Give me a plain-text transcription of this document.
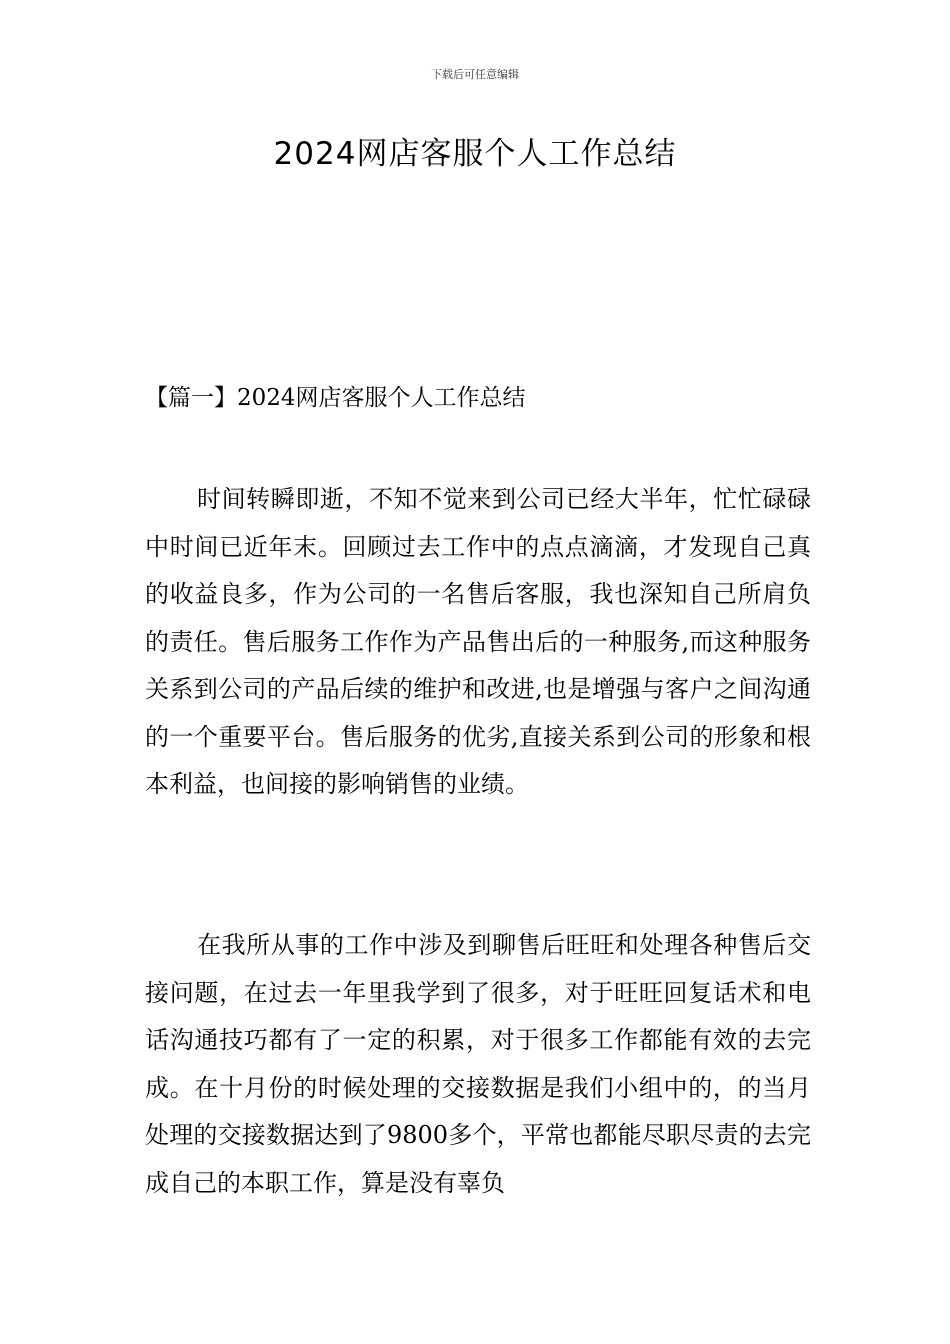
下载后可任意编辑
2024网店客服个人工作总结
【篇一】2024网店客服个人工作总结

时间转瞬即逝，不知不觉来到公司已经大半年，忙忙碌碌中时间已近年末。回顾过去工作中的点点滴滴，才发现自己真的收益良多，作为公司的一名售后客服，我也深知自己所肩负的责任。售后服务工作作为产品售出后的一种服务,而这种服务关系到公司的产品后续的维护和改进,也是增强与客户之间沟通的一个重要平台。售后服务的优劣,直接关系到公司的形象和根本利益，也间接的影响销售的业绩。

在我所从事的工作中涉及到聊售后旺旺和处理各种售后交接问题，在过去一年里我学到了很多，对于旺旺回复话术和电话沟通技巧都有了一定的积累，对于很多工作都能有效的去完成。在十月份的时候处理的交接数据是我们小组中的，的当月处理的交接数据达到了9800多个，平常也都能尽职尽责的去完成自己的本职工作，算是没有辜负
